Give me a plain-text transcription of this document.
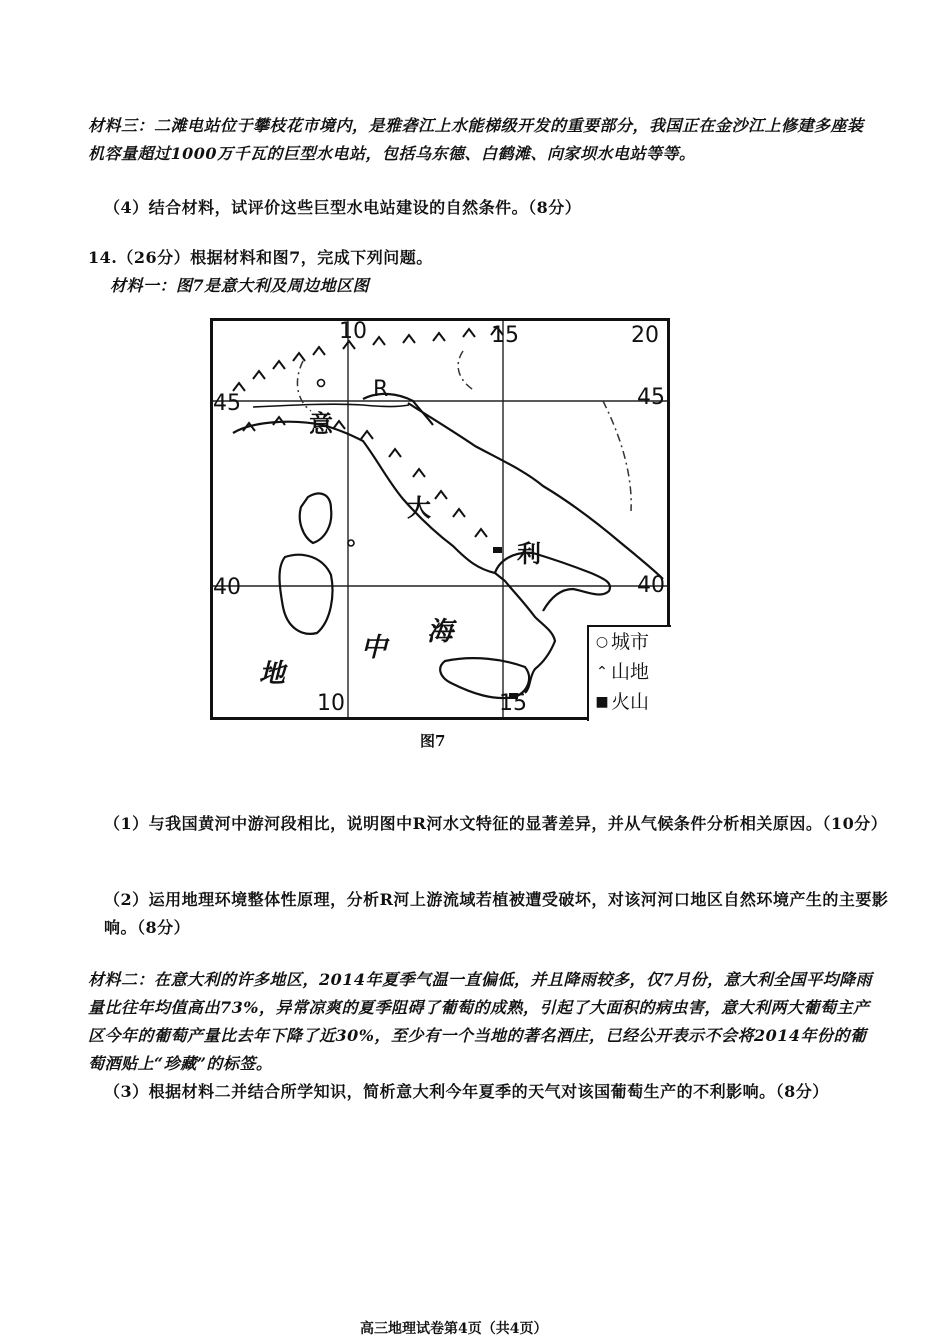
材料三：二滩电站位于攀枝花市境内，是雅砻江上水能梯级开发的重要部分，我国正在金沙江上修建多座装机容量超过1000万千瓦的巨型水电站，包括乌东德、白鹤滩、向家坝水电站等等。
（4）结合材料，试评价这些巨型水电站建设的自然条件。（8分）
14.（26分）根据材料和图7，完成下列问题。
材料一：图7是意大利及周边地区图
10	15	20
10	15
45
40
45
40
R
意
大
利
地
中
海	○ 城市
⌃ 山地
■ 火山
图7
（1）与我国黄河中游河段相比，说明图中R河水文特征的显著差异，并从气候条件分析相关原因。（10分）
（2）运用地理环境整体性原理，分析R河上游流域若植被遭受破坏，对该河河口地区自然环境产生的主要影响。（8分）
材料二：在意大利的许多地区，2014年夏季气温一直偏低，并且降雨较多，仅7月份，意大利全国平均降雨量比往年均值高出73%，异常凉爽的夏季阻碍了葡萄的成熟，引起了大面积的病虫害，意大利两大葡萄主产区今年的葡萄产量比去年下降了近30%，至少有一个当地的著名酒庄，已经公开表示不会将2014年份的葡萄酒贴上“珍藏”的标签。
（3）根据材料二并结合所学知识，简析意大利今年夏季的天气对该国葡萄生产的不利影响。（8分）
高三地理试卷第4页（共4页）
